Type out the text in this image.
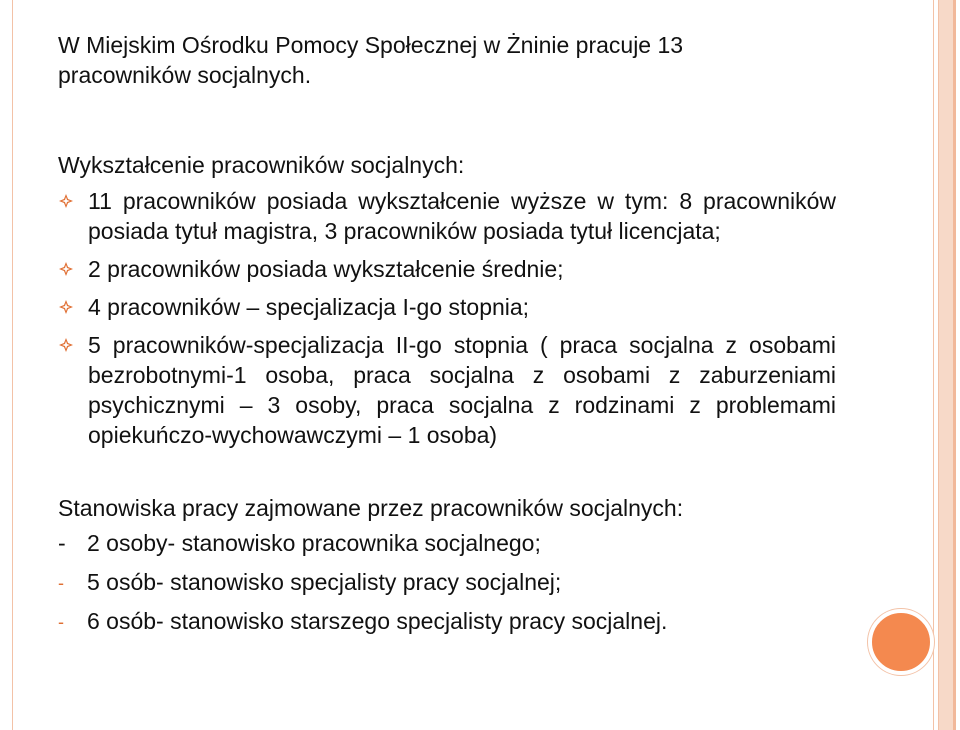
W Miejskim Ośrodku Pomocy Społecznej w Żninie pracuje 13
pracowników socjalnych.

Wykształcenie pracowników socjalnych:

11 pracowników posiada wykształcenie wyższe w tym: 8 pracowników posiada tytuł magistra, 3 pracowników posiada tytuł licencjata;
2 pracowników posiada wykształcenie średnie;
4 pracowników – specjalizacja I-go stopnia;
5 pracowników-specjalizacja II-go stopnia ( praca socjalna z osobami bezrobotnymi-1 osoba, praca socjalna z osobami z zaburzeniami psychicznymi – 3 osoby, praca socjalna z rodzinami z problemami opiekuńczo-wychowawczymi – 1 osoba)

Stanowiska pracy zajmowane przez pracowników socjalnych:

- 2 osoby- stanowisko pracownika socjalnego;
- 5 osób- stanowisko specjalisty pracy socjalnej;
- 6 osób- stanowisko starszego specjalisty pracy socjalnej.
